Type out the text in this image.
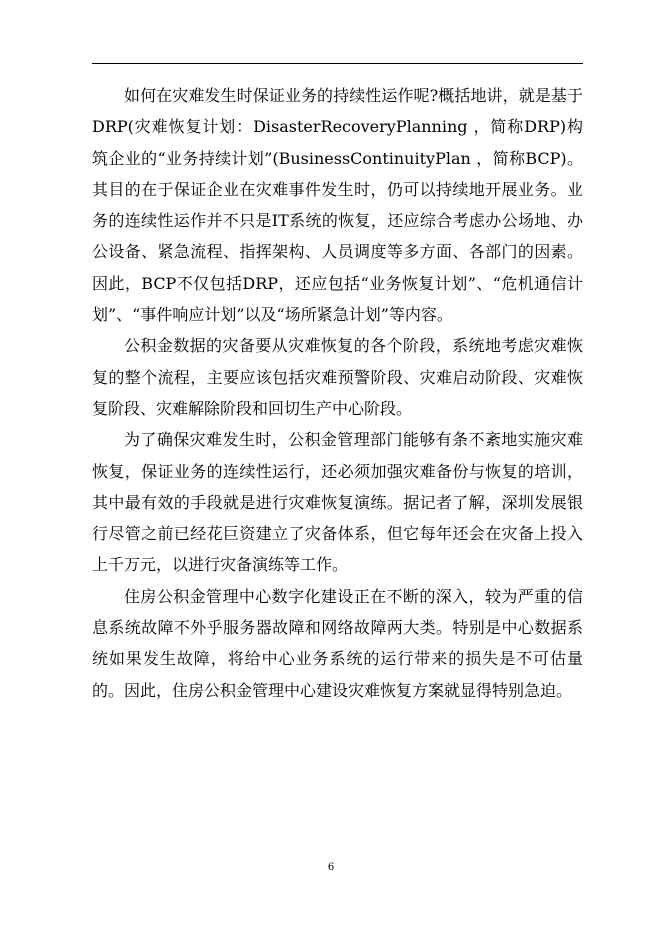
如何在灾难发生时保证业务的持续性运作呢?概括地讲，就是基于DRP(灾难恢复计划：DisasterRecoveryPlanning ，简称DRP)构筑企业的“业务持续计划”(BusinessContinuityPlan ，简称BCP)。其目的在于保证企业在灾难事件发生时，仍可以持续地开展业务。业务的连续性运作并不只是IT系统的恢复，还应综合考虑办公场地、办公设备、紧急流程、指挥架构、人员调度等多方面、各部门的因素。因此，BCP不仅包括DRP，还应包括“业务恢复计划”、“危机通信计划”、“事件响应计划”以及“场所紧急计划”等内容。

公积金数据的灾备要从灾难恢复的各个阶段，系统地考虑灾难恢复的整个流程，主要应该包括灾难预警阶段、灾难启动阶段、灾难恢复阶段、灾难解除阶段和回切生产中心阶段。

为了确保灾难发生时，公积金管理部门能够有条不紊地实施灾难恢复，保证业务的连续性运行，还必须加强灾难备份与恢复的培训，其中最有效的手段就是进行灾难恢复演练。据记者了解，深圳发展银行尽管之前已经花巨资建立了灾备体系，但它每年还会在灾备上投入上千万元，以进行灾备演练等工作。

住房公积金管理中心数字化建设正在不断的深入，较为严重的信息系统故障不外乎服务器故障和网络故障两大类。特别是中心数据系统如果发生故障，将给中心业务系统的运行带来的损失是不可估量的。因此，住房公积金管理中心建设灾难恢复方案就显得特别急迫。

6
